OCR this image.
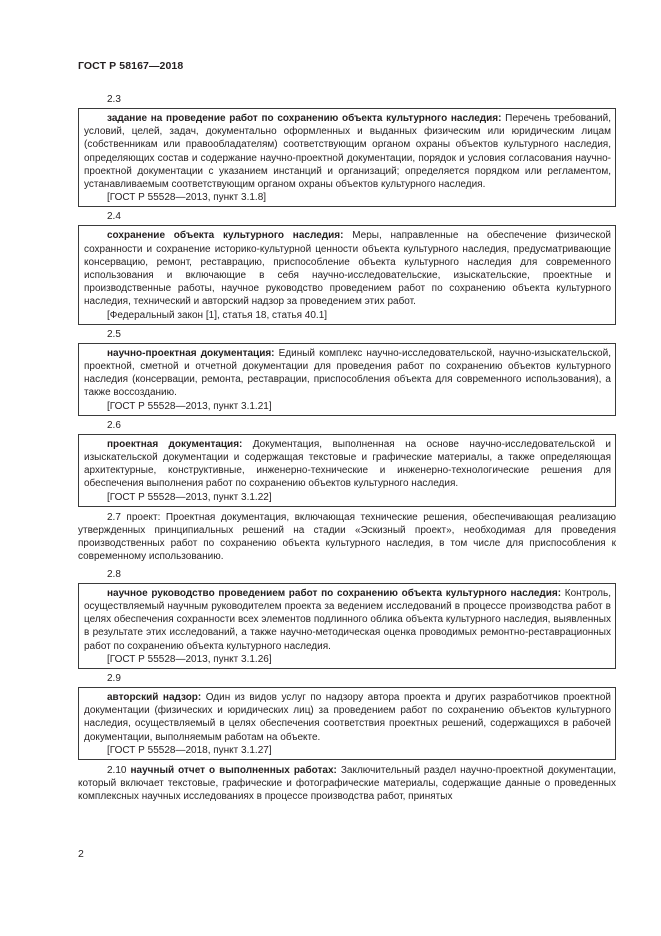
ГОСТ Р 58167—2018
2.3

задание на проведение работ по сохранению объекта культурного наследия: Перечень требований, условий, целей, задач, документально оформленных и выданных физическим или юридическим лицам (собственникам или правообладателям) соответствующим органом охраны объектов культурного наследия, определяющих состав и содержание научно-проектной документации, порядок и условия согласования научно-проектной документации с указанием инстанций и организаций; определяется порядком или регламентом, устанавливаемым соответствующим органом охраны объектов культурного наследия.

[ГОСТ Р 55528—2013, пункт 3.1.8]

2.4

сохранение объекта культурного наследия: Меры, направленные на обеспечение физической сохранности и сохранение историко-культурной ценности объекта культурного наследия, предусматривающие консервацию, ремонт, реставрацию, приспособление объекта культурного наследия для современного использования и включающие в себя научно-исследовательские, изыскательские, проектные и производственные работы, научное руководство проведением работ по сохранению объекта культурного наследия, технический и авторский надзор за проведением этих работ.

[Федеральный закон [1], статья 18, статья 40.1]

2.5

научно-проектная документация: Единый комплекс научно-исследовательской, научно-изыскательской, проектной, сметной и отчетной документации для проведения работ по сохранению объектов культурного наследия (консервации, ремонта, реставрации, приспособления объекта для современного использования), а также воссозданию.

[ГОСТ Р 55528—2013, пункт 3.1.21]

2.6

проектная документация: Документация, выполненная на основе научно-исследовательской и изыскательской документации и содержащая текстовые и графические материалы, а также определяющая архитектурные, конструктивные, инженерно-технические и инженерно-технологические решения для обеспечения выполнения работ по сохранению объектов культурного наследия.

[ГОСТ Р 55528—2013, пункт 3.1.22]

2.7 проект: Проектная документация, включающая технические решения, обеспечивающая реализацию утвержденных принципиальных решений на стадии «Эскизный проект», необходимая для проведения производственных работ по сохранению объекта культурного наследия, в том числе для приспособления к современному использованию.

2.8

научное руководство проведением работ по сохранению объекта культурного наследия: Контроль, осуществляемый научным руководителем проекта за ведением исследований в процессе производства работ в целях обеспечения сохранности всех элементов подлинного облика объекта культурного наследия, выявленных в результате этих исследований, а также научно-методическая оценка проводимых ремонтно-реставрационных работ по сохранению объекта культурного наследия.

[ГОСТ Р 55528—2013, пункт 3.1.26]

2.9

авторский надзор: Один из видов услуг по надзору автора проекта и других разработчиков проектной документации (физических и юридических лиц) за проведением работ по сохранению объектов культурного наследия, осуществляемый в целях обеспечения соответствия проектных решений, содержащихся в рабочей документации, выполняемым работам на объекте.

[ГОСТ Р 55528—2018, пункт 3.1.27]

2.10 научный отчет о выполненных работах: Заключительный раздел научно-проектной документации, который включает текстовые, графические и фотографические материалы, содержащие данные о проведенных комплексных научных исследованиях в процессе производства работ, принятых

2
